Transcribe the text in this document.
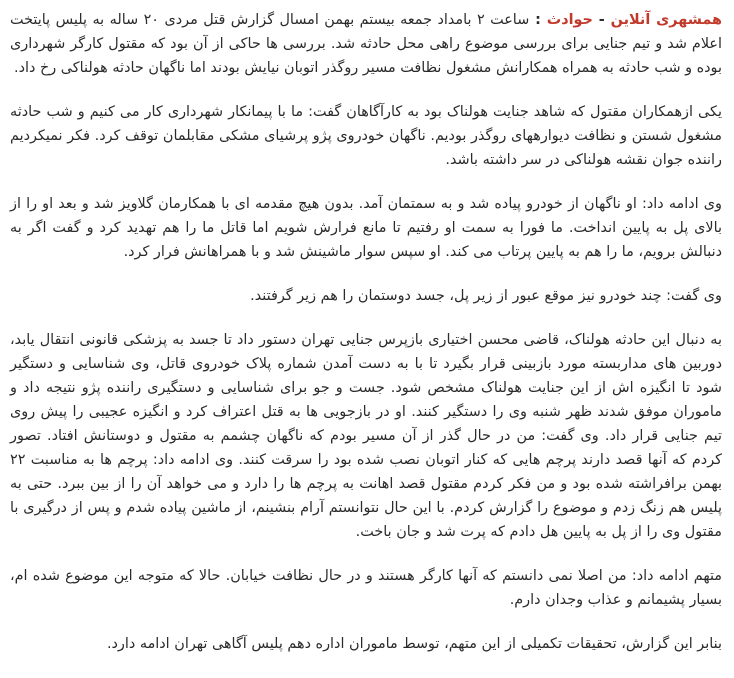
همشهری آنلاین - حوادث : ساعت ۲ بامداد جمعه بیستم بهمن امسال گزارش قتل مردی ۲۰ ساله به پلیس پایتخت اعلام شد و تیم جنایی برای بررسی موضوع راهی محل حادثه شد. بررسی ها حاکی از آن بود که مقتول کارگر شهرداری بوده و شب حادثه به همراه همکارانش مشغول نظافت مسیر روگذر اتوبان نیایش بودند اما ناگهان حادثه هولناکی رخ داد.

یکی ازهمکاران مقتول که شاهد جنایت هولناک بود به کارآگاهان گفت: ما با پیمانکار شهرداری کار می کنیم و شب حادثه مشغول شستن و نظافت دیوارههای روگذر بودیم. ناگهان خودروی پژو پرشیای مشکی مقابلمان توقف کرد. فکر نمیکردیم راننده جوان نقشه هولناکی در سر داشته باشد.

وی ادامه داد: او ناگهان از خودرو پیاده شد و به سمتمان آمد. بدون هیچ مقدمه ای با همکارمان گلاویز شد و بعد او را از بالای پل به پایین انداخت. ما فورا به سمت او رفتیم تا مانع فرارش شویم اما قاتل ما را هم تهدید کرد و گفت اگر به دنبالش برویم، ما را هم به پایین پرتاب می کند. او سپس سوار ماشینش شد و با همراهانش فرار کرد.

وی گفت: چند خودرو نیز موقع عبور از زیر پل، جسد دوستمان را هم زیر گرفتند.

به دنبال این حادثه هولناک، قاضی محسن اختیاری بازپرس جنایی تهران دستور داد تا جسد به پزشکی قانونی انتقال یابد، دوربین های مداربسته مورد بازبینی قرار بگیرد تا با به دست آمدن شماره پلاک خودروی قاتل، وی شناسایی و دستگیر شود تا انگیزه اش از این جنایت هولناک مشخص شود. جست و جو برای شناسایی و دستگیری راننده پژو نتیجه داد و ماموران موفق شدند ظهر شنبه وی را دستگیر کنند. او در بازجویی ها به قتل اعتراف کرد و انگیزه عجیبی را پیش روی تیم جنایی قرار داد. وی گفت: من در حال گذر از آن مسیر بودم که ناگهان چشمم به مقتول و دوستانش افتاد. تصور کردم که آنها قصد دارند پرچم هایی که کنار اتوبان نصب شده بود را سرقت کنند. وی ادامه داد: پرچم ها به مناسبت ۲۲ بهمن برافراشته شده بود و من فکر کردم مقتول قصد اهانت به پرچم ها را دارد و می خواهد آن را از بین ببرد. حتی به پلیس هم زنگ زدم و موضوع را گزارش کردم. با این حال نتوانستم آرام بنشینم، از ماشین پیاده شدم و پس از درگیری با مقتول وی را از پل به پایین هل دادم که پرت شد و جان باخت.

متهم ادامه داد: من اصلا نمی دانستم که آنها کارگر هستند و در حال نظافت خیابان. حالا که متوجه این موضوع شده ام، بسیار پشیمانم و عذاب وجدان دارم.

بنابر این گزارش، تحقیقات تکمیلی از این متهم، توسط ماموران اداره دهم پلیس آگاهی تهران ادامه دارد.
